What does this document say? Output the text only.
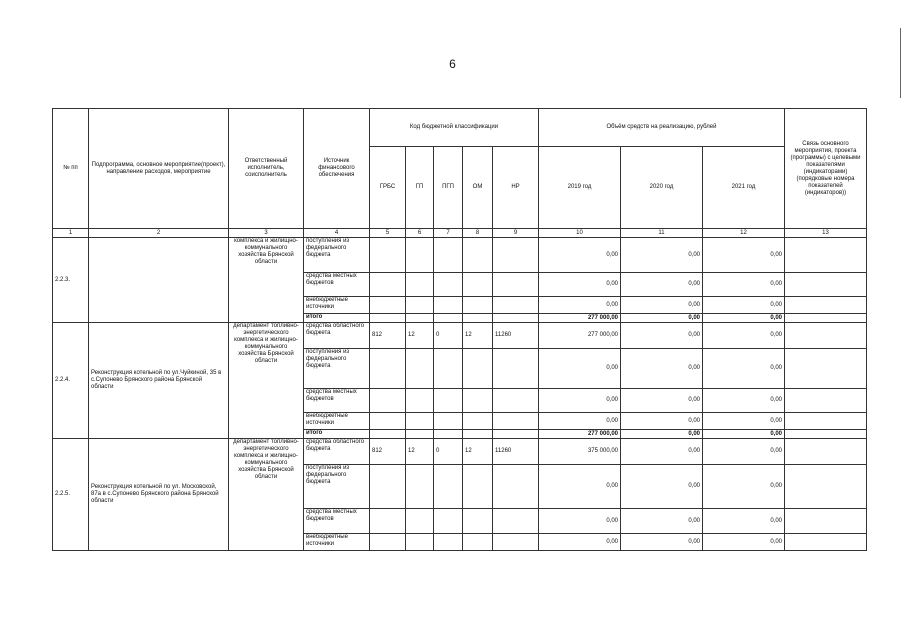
6
№ пп	Подпрограмма, основное мероприятие(проект), направление расходов, мероприятие	Ответственный исполнитель, соисполнитель	Источник финансового обеспечения	Код бюджетной классификации					Объём средств на реализацию, рублей			Связь основного мероприятия, проекта (программы) с целевыми показателями (индикаторами) (порядковые номера показателей (индикаторов))
				ГРБС	ГП	ПГП	ОМ	НР	2019 год	2020 год	2021 год	
1	2	3	4	5	6	7	8	9	10	11	12	13
2.2.3.		комплекса и жилищно-коммунального хозяйства Брянской области	поступления из федерального бюджета						0,00	0,00	0,00	
			средства местных бюджетов						0,00	0,00	0,00	
			внебюджетные источники						0,00	0,00	0,00	
			итого						277 000,00	0,00	0,00	
2.2.4.	Реконструкция котельной по ул.Чуйкиной, 35 в с.Супонево Брянского района Брянской области	департамент топливно-энергетического комплекса и жилищно-коммунального хозяйства Брянской области	средства областного бюджета	812	12	0	12	11260	277 000,00	0,00	0,00	
			поступления из федерального бюджета						0,00	0,00	0,00	
			средства местных бюджетов						0,00	0,00	0,00	
			внебюджетные источники						0,00	0,00	0,00	
			итого						277 000,00	0,00	0,00	
2.2.5.	Реконструкция котельной по ул. Московской, 87а в с.Супонево Брянского района Брянской области	департамент топливно-энергетического комплекса и жилищно-коммунального хозяйства Брянской области	средства областного бюджета	812	12	0	12	11260	375 000,00	0,00	0,00	
			поступления из федерального бюджета						0,00	0,00	0,00	
			средства местных бюджетов						0,00	0,00	0,00	
			внебюджетные источники						0,00	0,00	0,00	
